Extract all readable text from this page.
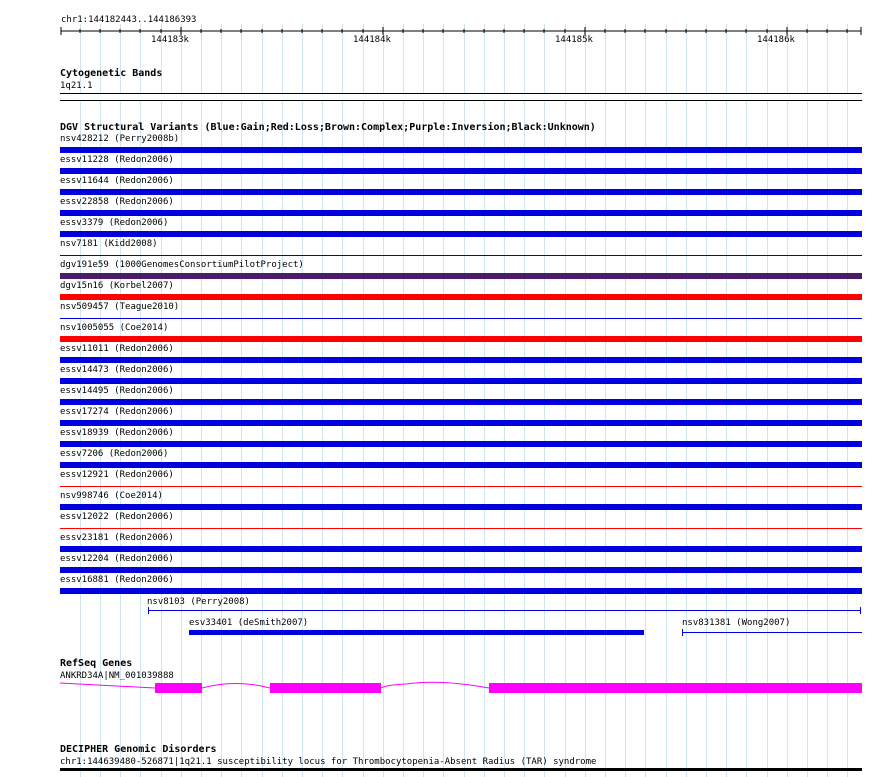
chr1:144182443..144186393
144183k	144184k	144185k	144186k
Cytogenetic Bands
1q21.1
DGV Structural Variants (Blue:Gain;Red:Loss;Brown:Complex;Purple:Inversion;Black:Unknown)
nsv428212 (Perry2008b)
essv11228 (Redon2006)
essv11644 (Redon2006)
essv22858 (Redon2006)
essv3379 (Redon2006)
nsv7181 (Kidd2008)
dgv191e59 (1000GenomesConsortiumPilotProject)
dgv15n16 (Korbel2007)
nsv509457 (Teague2010)
nsv1005055 (Coe2014)
essv11011 (Redon2006)
essv14473 (Redon2006)
essv14495 (Redon2006)
essv17274 (Redon2006)
essv18939 (Redon2006)
essv7206 (Redon2006)
essv12921 (Redon2006)
nsv998746 (Coe2014)
essv12022 (Redon2006)
essv23181 (Redon2006)
essv12204 (Redon2006)
essv16881 (Redon2006)
nsv8103 (Perry2008)
esv33401 (deSmith2007)	nsv831381 (Wong2007)
RefSeq Genes
ANKRD34A|NM_001039888
DECIPHER Genomic Disorders
chr1:144639480-526871|1q21.1 susceptibility locus for Thrombocytopenia-Absent Radius (TAR) syndrome
